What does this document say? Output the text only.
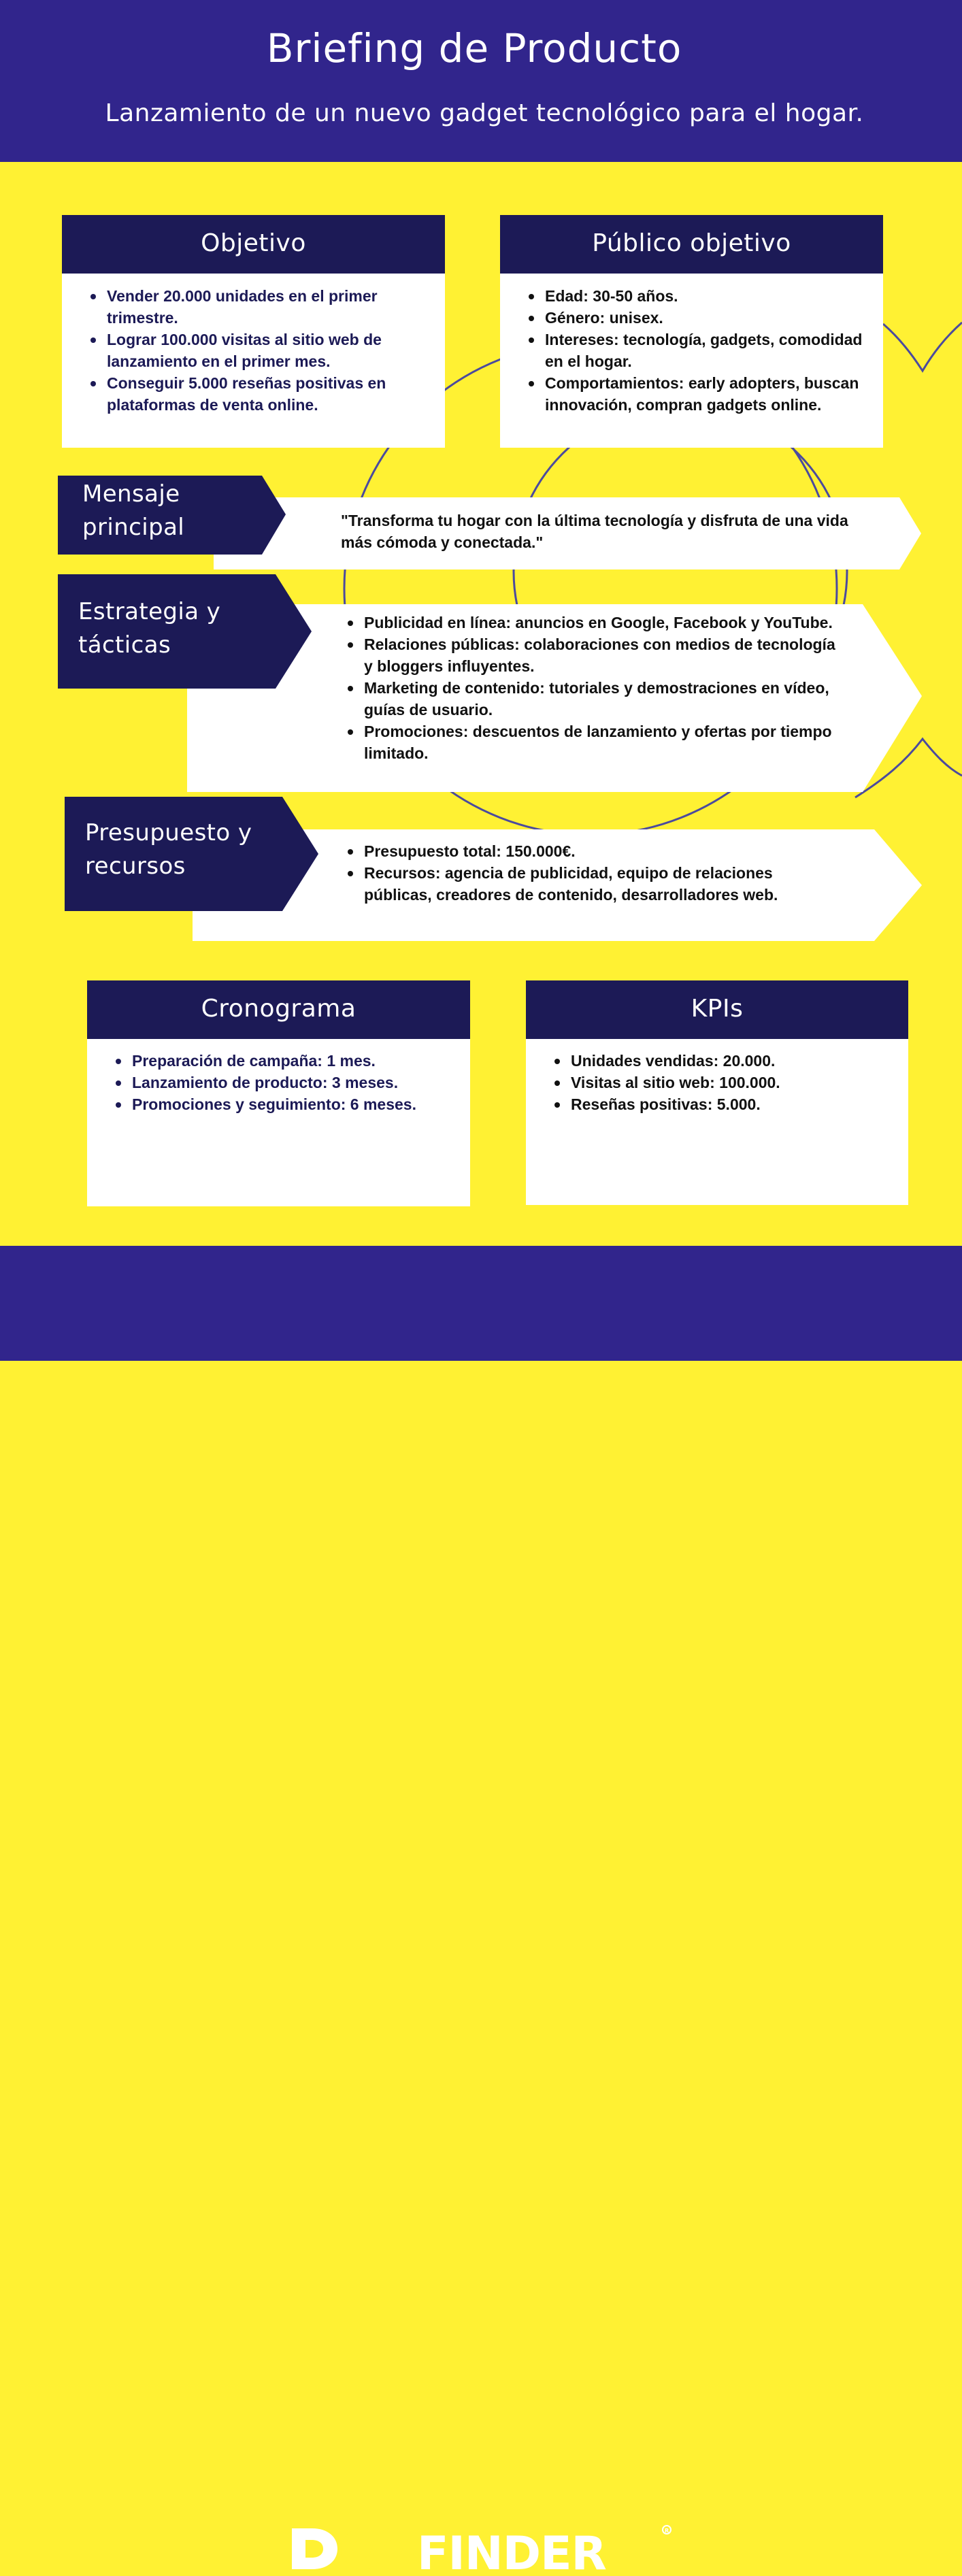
Briefing de Producto
Lanzamiento de un nuevo gadget tecnológico para el hogar.
Objetivo
Vender 20.000 unidades en el primer trimestre.
Lograr 100.000 visitas al sitio web de lanzamiento en el primer mes.
Conseguir 5.000 reseñas positivas en plataformas de venta online.
Público objetivo
Edad: 30-50 años.
Género: unisex.
Intereses: tecnología, gadgets, comodidad en el hogar.
Comportamientos: early adopters, buscan innovación, compran gadgets online.
Mensaje
principal	"Transforma tu hogar con la última tecnología y disfruta de una vida más cómoda y conectada."
Estrategia y
tácticas
Publicidad en línea: anuncios en Google, Facebook y YouTube.
Relaciones públicas: colaboraciones con medios de tecnología y bloggers influyentes.
Marketing de contenido: tutoriales y demostraciones en vídeo, guías de usuario.
Promociones: descuentos de lanzamiento y ofertas por tiempo limitado.
Presupuesto y
recursos
Presupuesto total: 150.000€.
Recursos: agencia de publicidad, equipo de relaciones públicas, creadores de contenido, desarrolladores web.
Cronograma
Preparación de campaña: 1 mes.
Lanzamiento de producto: 3 meses.
Promociones y seguimiento: 6 meses.
KPIs
Unidades vendidas: 20.000.
Visitas al sitio web: 100.000.
Reseñas positivas: 5.000.
FINDER	R
